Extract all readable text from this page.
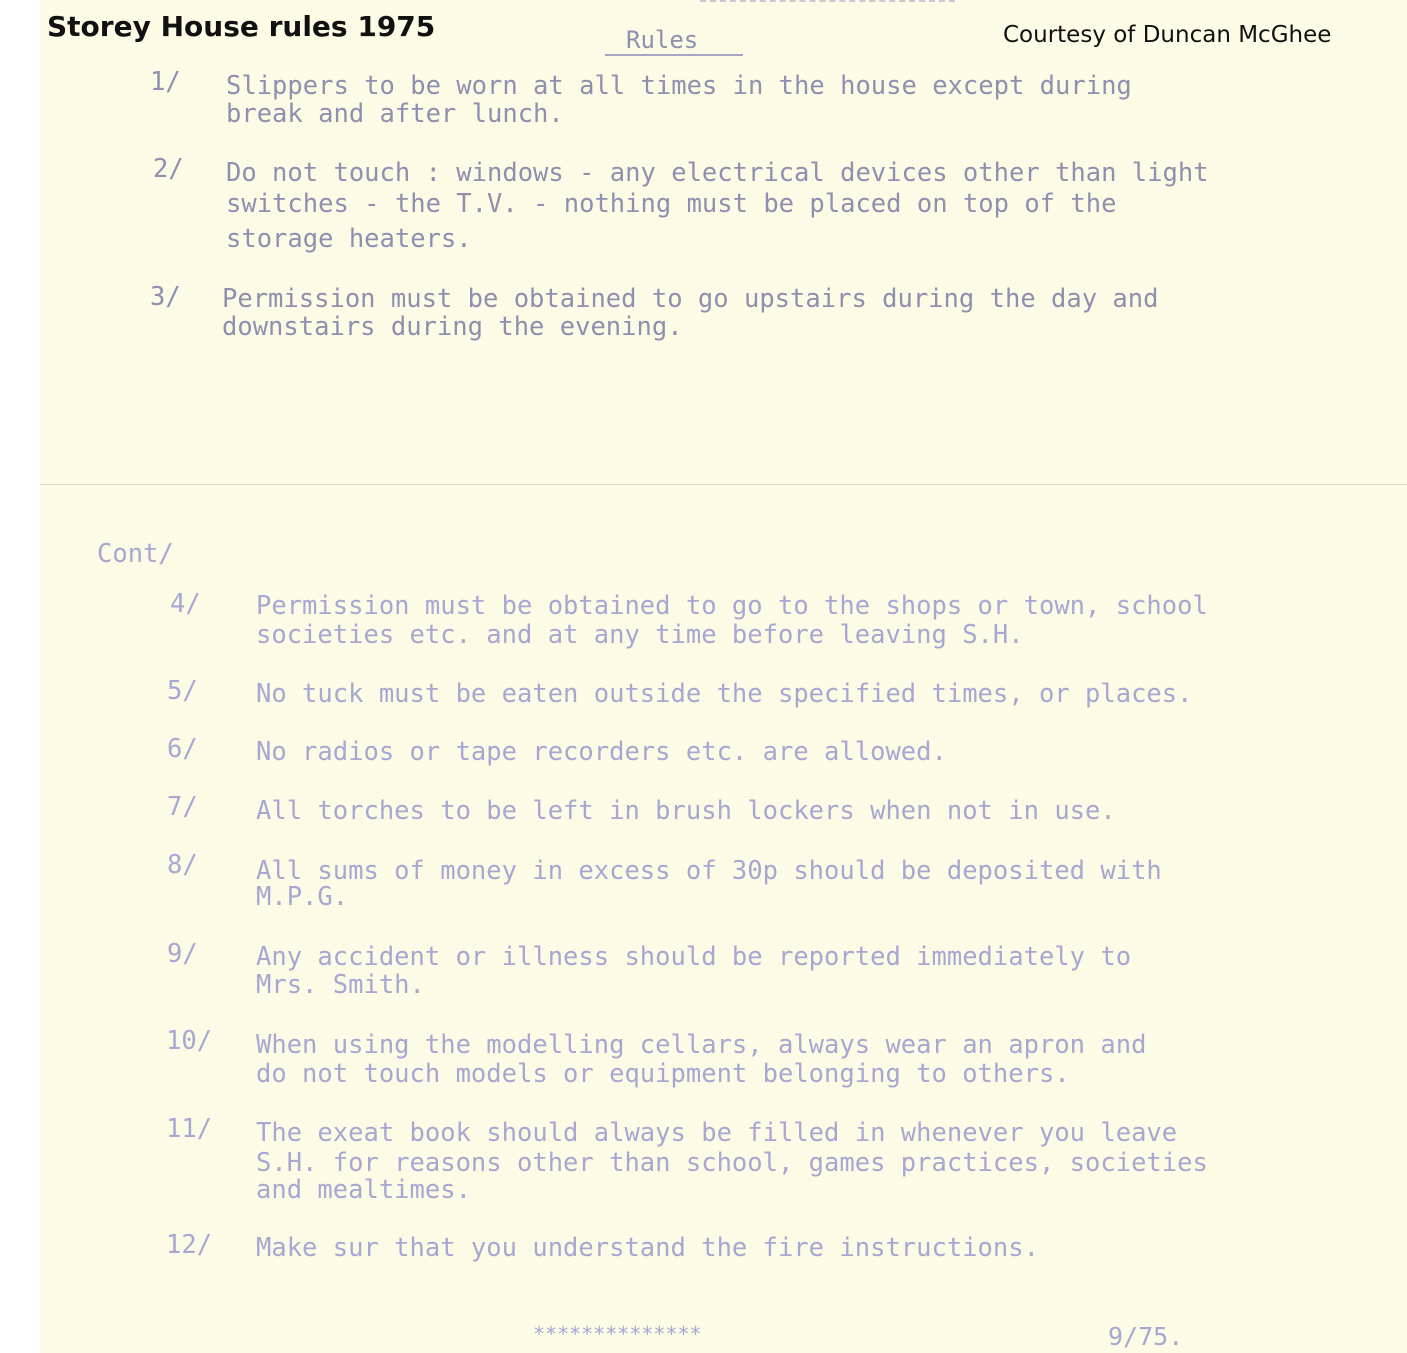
Storey House rules 1975	Courtesy of Duncan McGhee
Rules
1/ Slippers to be worn at all times in the house except during
break and after lunch.
2/ Do not touch : windows - any electrical devices other than light
switches - the T.V. - nothing must be placed on top of the
storage heaters.
3/ Permission must be obtained to go upstairs during the day and
downstairs during the evening.
Cont/
4/ Permission must be obtained to go to the shops or town, school
societies etc. and at any time before leaving S.H.
5/ No tuck must be eaten outside the specified times, or places.
6/ No radios or tape recorders etc. are allowed.
7/ All torches to be left in brush lockers when not in use.
8/ All sums of money in excess of 30p should be deposited with
M.P.G.
9/ Any accident or illness should be reported immediately to
Mrs. Smith.
10/ When using the modelling cellars, always wear an apron and
do not touch models or equipment belonging to others.
11/ The exeat book should always be filled in whenever you leave
S.H. for reasons other than school, games practices, societies
and mealtimes.
12/ Make sur that you understand the fire instructions.
**************	9/75.
